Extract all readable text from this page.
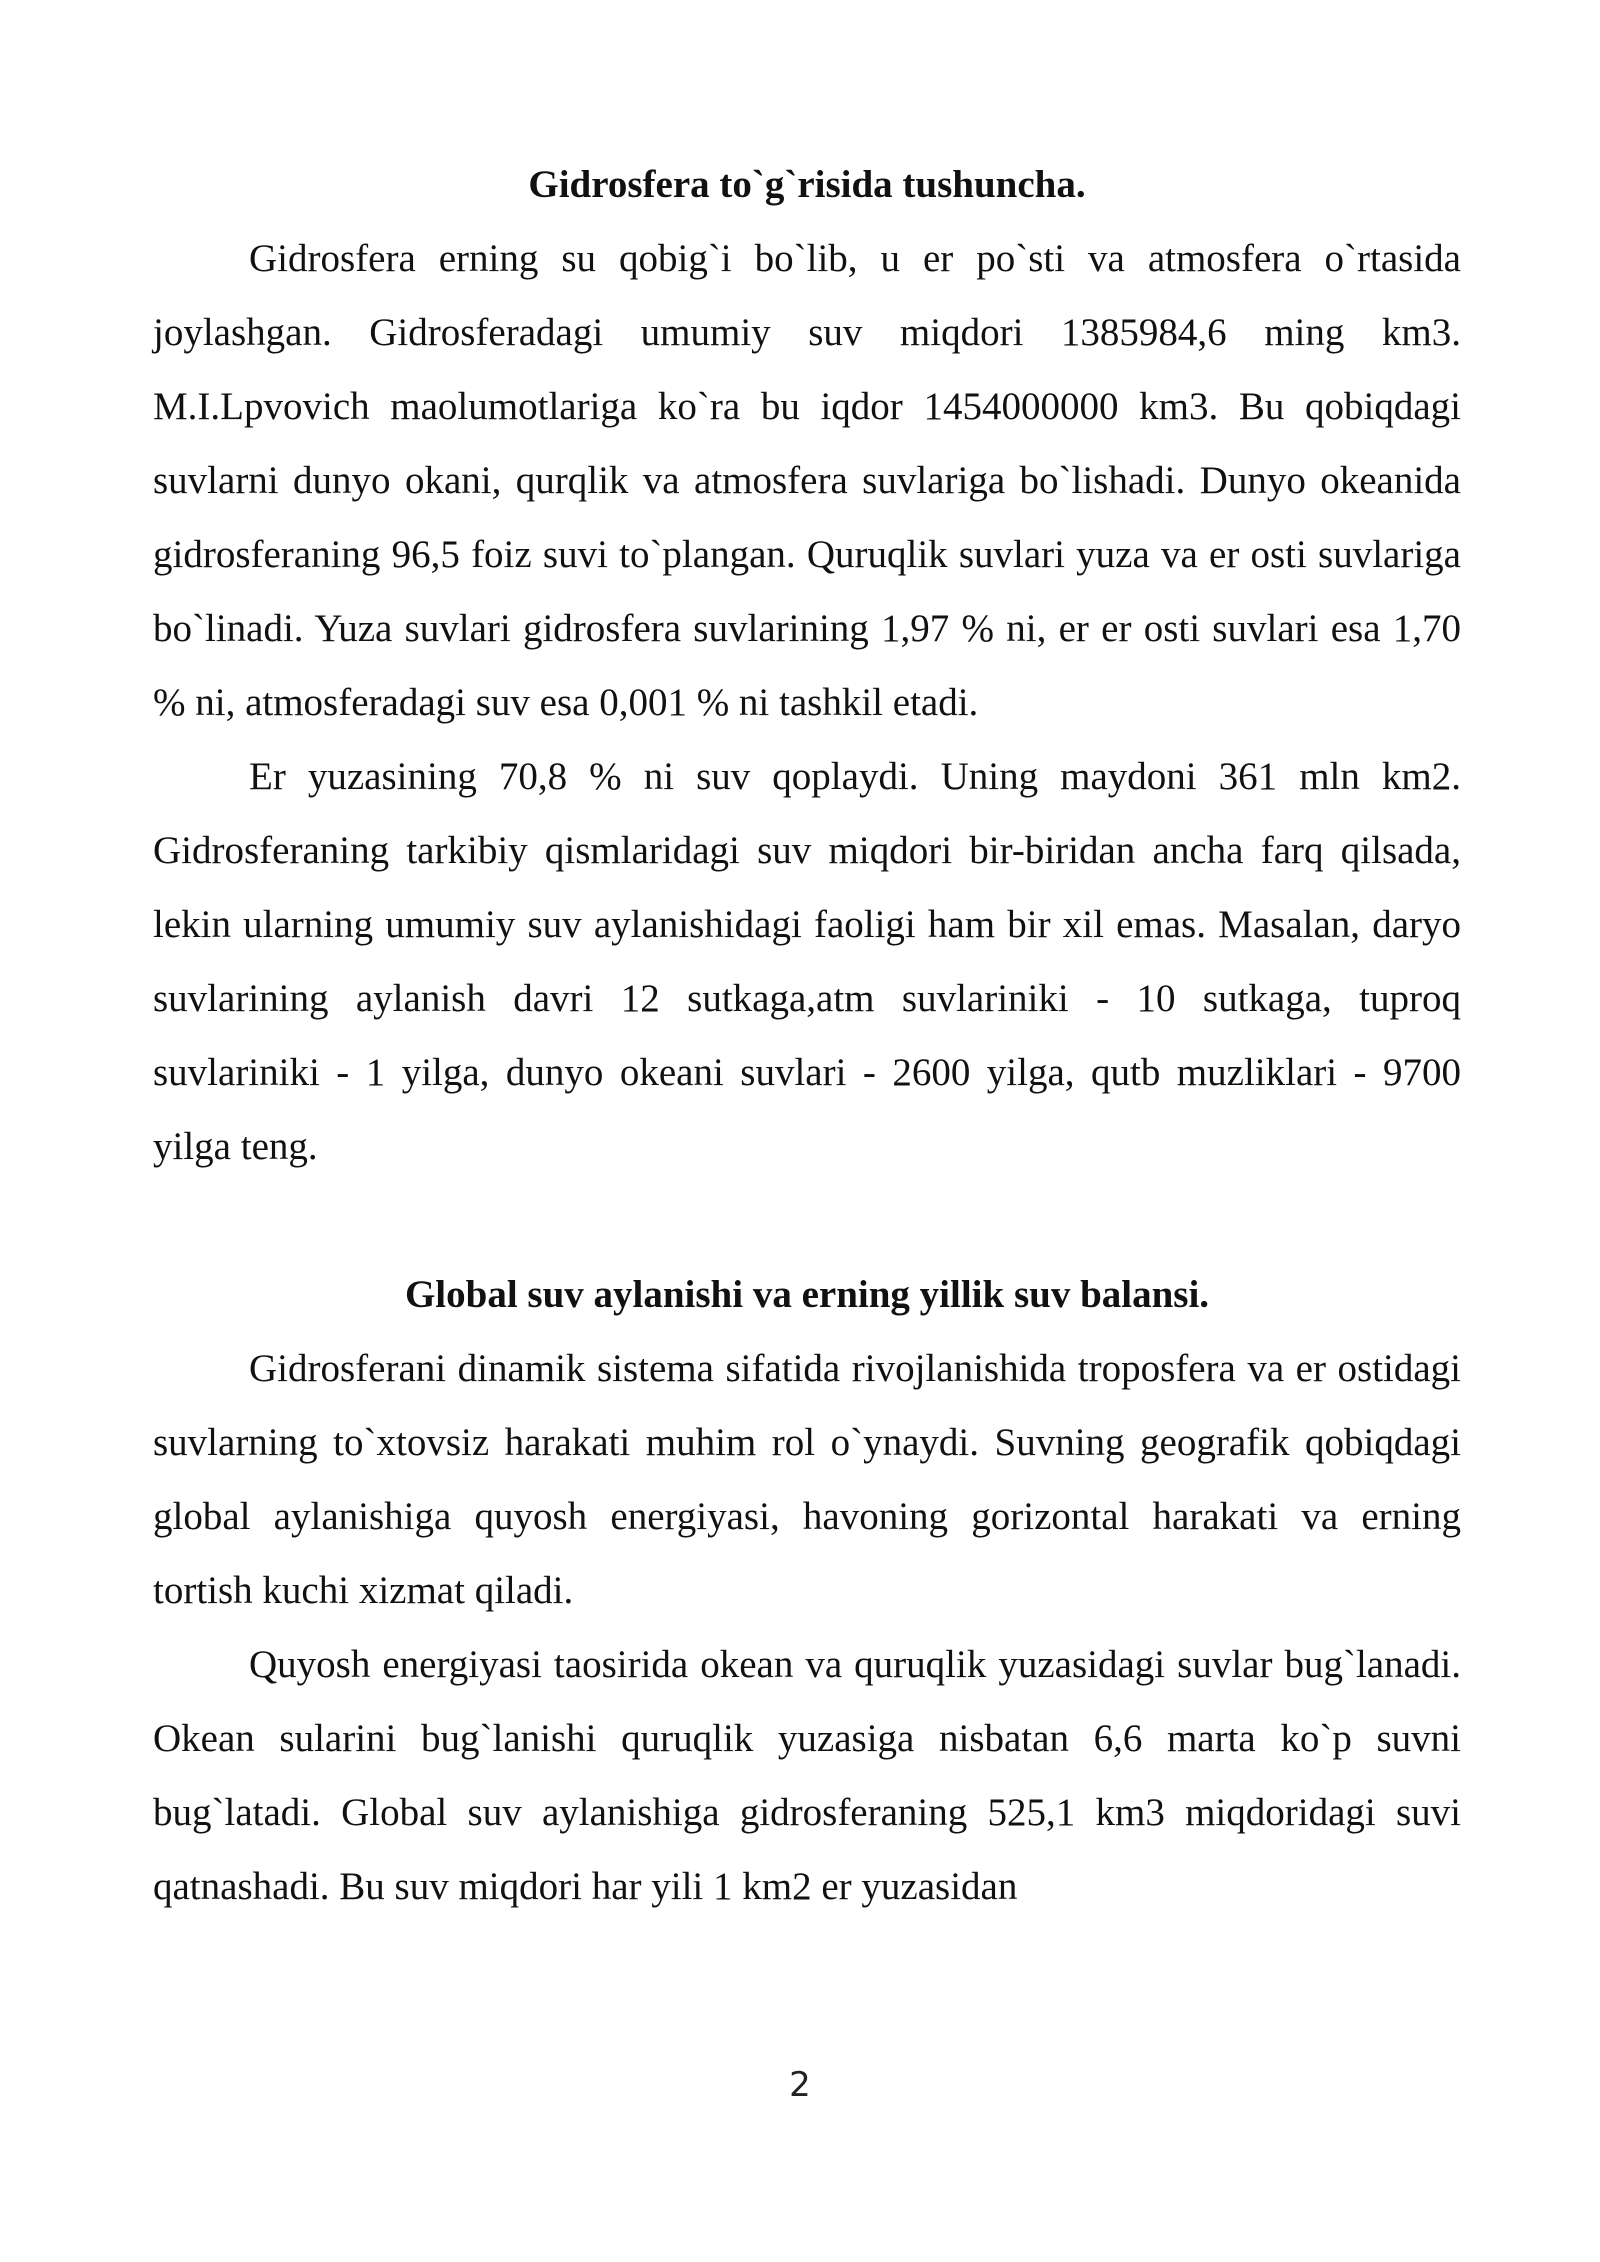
Gidrosfera to`g`risida tushuncha.

Gidrosfera erning su qobig`i bo`lib, u er po`sti va atmosfera o`rtasida joylashgan. Gidrosferadagi umumiy suv miqdori 1385984,6 ming km3. M.I.Lpvovich maolumotlariga ko`ra bu iqdor 1454000000 km3. Bu qobiqdagi suvlarni dunyo okani, qurqlik va atmosfera suvlariga bo`lishadi. Dunyo okeanida gidrosferaning 96,5 foiz suvi to`plangan. Quruqlik suvlari yuza va er osti suvlariga bo`linadi. Yuza suvlari gidrosfera suvlarining 1,97 % ni, er er osti suvlari esa 1,70 % ni, atmosferadagi suv esa 0,001 % ni tashkil etadi.

Er yuzasining 70,8 % ni suv qoplaydi. Uning maydoni 361 mln km2. Gidrosferaning tarkibiy qismlaridagi suv miqdori bir-biridan ancha farq qilsada, lekin ularning umumiy suv aylanishidagi faoligi ham bir xil emas. Masalan, daryo suvlarining aylanish davri 12 sutkaga,atm suvlariniki - 10 sutkaga, tuproq suvlariniki - 1 yilga, dunyo okeani suvlari - 2600 yilga, qutb muzliklari - 9700 yilga teng.

Global suv aylanishi va erning yillik suv balansi.

Gidrosferani dinamik sistema sifatida rivojlanishida troposfera va er ostidagi suvlarning to`xtovsiz harakati muhim rol o`ynaydi. Suvning geografik qobiqdagi global aylanishiga quyosh energiyasi, havoning gorizontal harakati va erning tortish kuchi xizmat qiladi.

Quyosh energiyasi taosirida okean va quruqlik yuzasidagi suvlar bug`lanadi. Okean sularini bug`lanishi quruqlik yuzasiga nisbatan 6,6 marta ko`p suvni bug`latadi. Global suv aylanishiga gidrosferaning 525,1 km3 miqdoridagi suvi qatnashadi. Bu suv miqdori har yili 1 km2 er yuzasidan

2
